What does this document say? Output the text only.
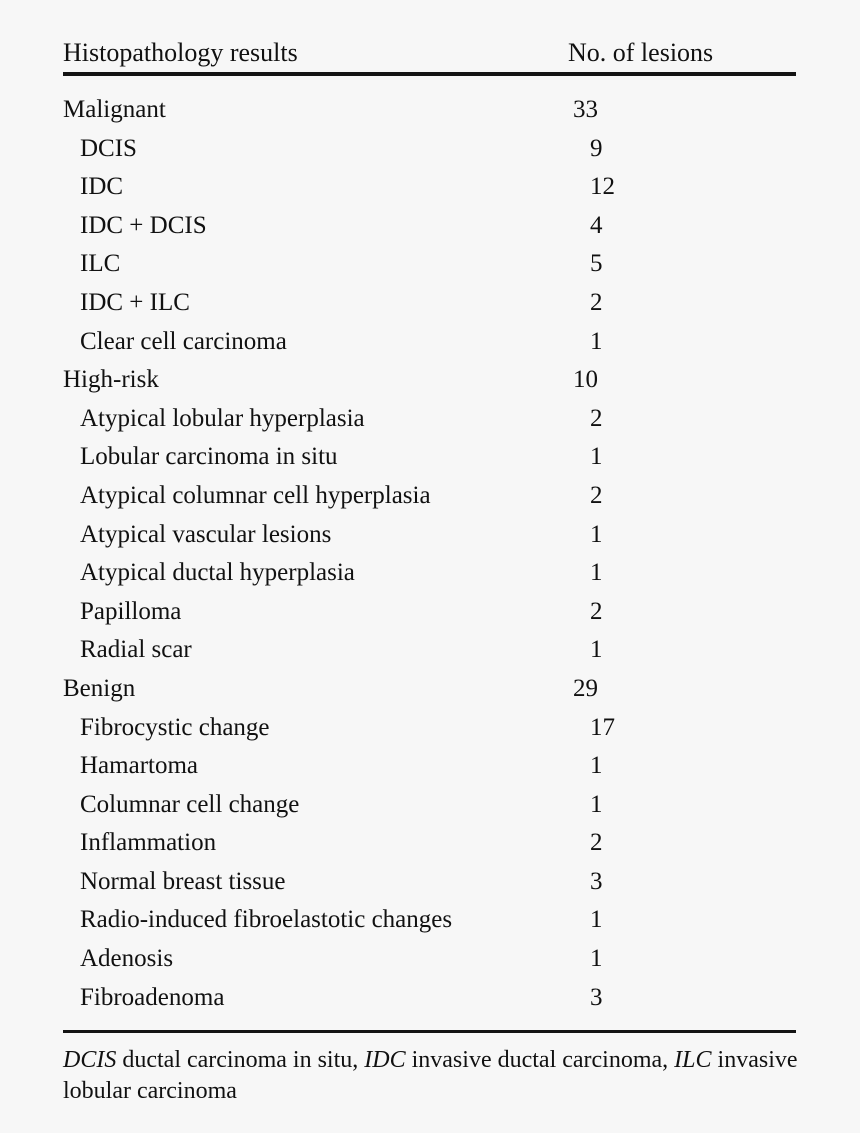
Histopathology results	No. of lesions
Malignant	33
DCIS	9
IDC	12
IDC + DCIS	4
ILC	5
IDC + ILC	2
Clear cell carcinoma	1
High-risk	10
Atypical lobular hyperplasia	2
Lobular carcinoma in situ	1
Atypical columnar cell hyperplasia	2
Atypical vascular lesions	1
Atypical ductal hyperplasia	1
Papilloma	2
Radial scar	1
Benign	29
Fibrocystic change	17
Hamartoma	1
Columnar cell change	1
Inflammation	2
Normal breast tissue	3
Radio-induced fibroelastotic changes	1
Adenosis	1
Fibroadenoma	3
DCIS ductal carcinoma in situ, IDC invasive ductal carcinoma, ILC invasive lobular carcinoma
